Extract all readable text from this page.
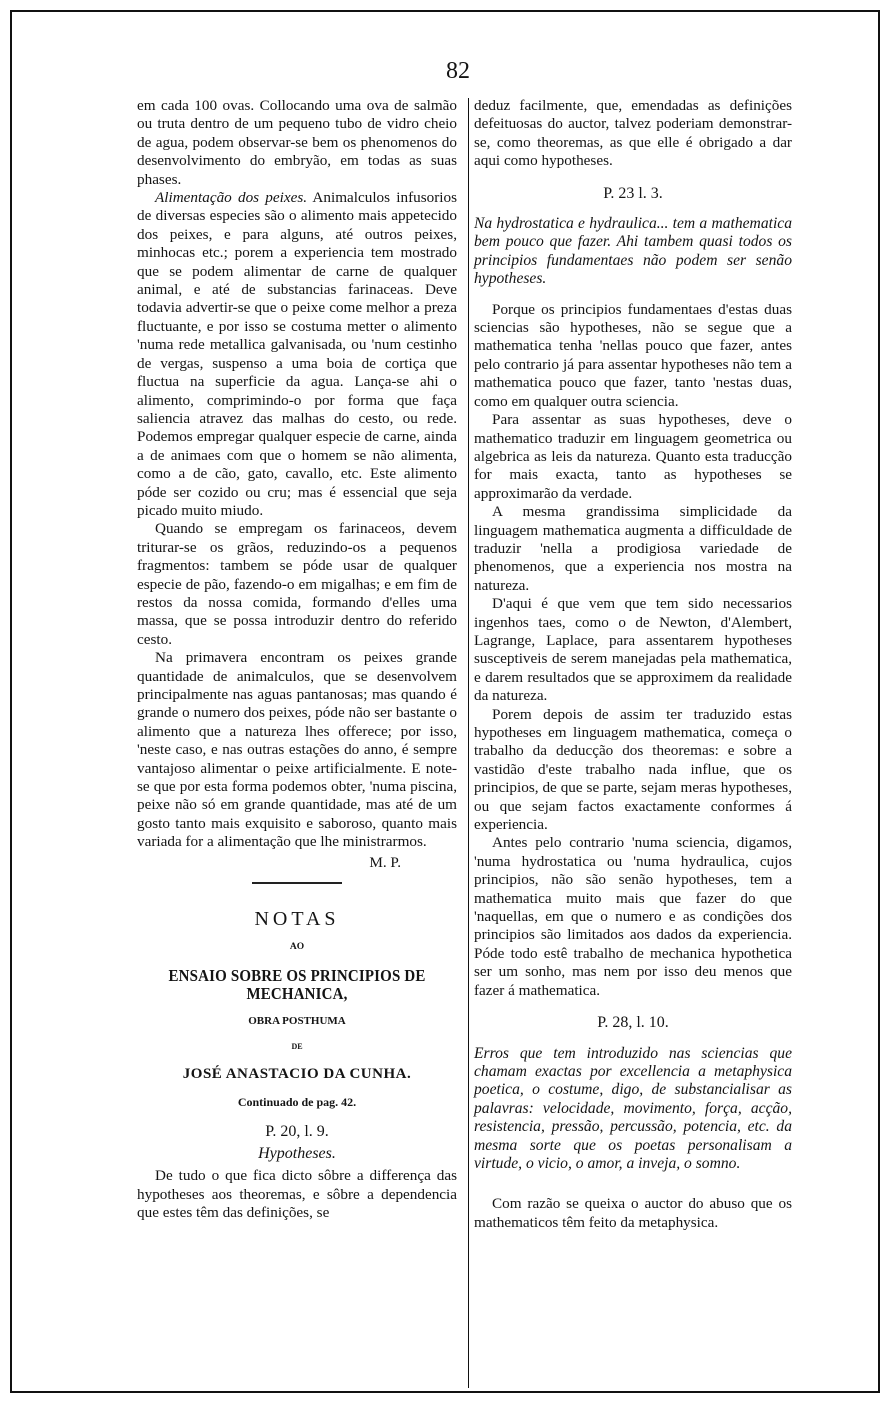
82

em cada 100 ovas. Collocando uma ova de salmão ou truta dentro de um pequeno tubo de vidro cheio de agua, podem observar-se bem os phenomenos do desenvolvimento do embryão, em todas as suas phases.

Alimentação dos peixes. Animalculos infusorios de diversas especies são o alimento mais appetecido dos peixes, e para alguns, até outros peixes, minhocas etc.; porem a experiencia tem mostrado que se podem alimentar de carne de qualquer animal, e até de substancias farinaceas. Deve todavia advertir-se que o peixe come melhor a preza fluctuante, e por isso se costuma metter o alimento 'numa rede metallica galvanisada, ou 'num cestinho de vergas, suspenso a uma boia de cortiça que fluctua na superficie da agua. Lança-se ahi o alimento, comprimindo-o por forma que faça saliencia atravez das malhas do cesto, ou rede. Podemos empregar qualquer especie de carne, ainda a de animaes com que o homem se não alimenta, como a de cão, gato, cavallo, etc. Este alimento póde ser cozido ou cru; mas é essencial que seja picado muito miudo.

Quando se empregam os farinaceos, devem triturar-se os grãos, reduzindo-os a pequenos fragmentos: tambem se póde usar de qualquer especie de pão, fazendo-o em migalhas; e em fim de restos da nossa comida, formando d'elles uma massa, que se possa introduzir dentro do referido cesto.

Na primavera encontram os peixes grande quantidade de animalculos, que se desenvolvem principalmente nas aguas pantanosas; mas quando é grande o numero dos peixes, póde não ser bastante o alimento que a natureza lhes offerece; por isso, 'neste caso, e nas outras estações do anno, é sempre vantajoso alimentar o peixe artificialmente. E note-se que por esta forma podemos obter, 'numa piscina, peixe não só em grande quantidade, mas até de um gosto tanto mais exquisito e saboroso, quanto mais variada for a alimentação que lhe ministrarmos.

M. P.

NOTAS

AO

ENSAIO SOBRE OS PRINCIPIOS DE MECHANICA,

OBRA POSTHUMA

DE

JOSÉ ANASTACIO DA CUNHA.

Continuado de pag. 42.

P. 20, l. 9.

Hypotheses.

De tudo o que fica dicto sôbre a differença das hypotheses aos theoremas, e sôbre a dependencia que estes têm das definições, se

deduz facilmente, que, emendadas as definições defeituosas do auctor, talvez poderiam demonstrar-se, como theoremas, as que elle é obrigado a dar aqui como hypotheses.

P. 23 l. 3.

Na hydrostatica e hydraulica... tem a mathematica bem pouco que fazer. Ahi tambem quasi todos os principios fundamentaes não podem ser senão hypotheses.

Porque os principios fundamentaes d'estas duas sciencias são hypotheses, não se segue que a mathematica tenha 'nellas pouco que fazer, antes pelo contrario já para assentar hypotheses não tem a mathematica pouco que fazer, tanto 'nestas duas, como em qualquer outra sciencia.

Para assentar as suas hypotheses, deve o mathematico traduzir em linguagem geometrica ou algebrica as leis da natureza. Quanto esta traducção for mais exacta, tanto as hypotheses se approximarão da verdade.

A mesma grandissima simplicidade da linguagem mathematica augmenta a difficuldade de traduzir 'nella a prodigiosa variedade de phenomenos, que a experiencia nos mostra na natureza.

D'aqui é que vem que tem sido necessarios ingenhos taes, como o de Newton, d'Alembert, Lagrange, Laplace, para assentarem hypotheses susceptiveis de serem manejadas pela mathematica, e darem resultados que se approximem da realidade da natureza.

Porem depois de assim ter traduzido estas hypotheses em linguagem mathematica, começa o trabalho da deducção dos theoremas: e sobre a vastidão d'este trabalho nada influe, que os principios, de que se parte, sejam meras hypotheses, ou que sejam factos exactamente conformes á experiencia.

Antes pelo contrario 'numa sciencia, digamos, 'numa hydrostatica ou 'numa hydraulica, cujos principios, não são senão hypotheses, tem a mathematica muito mais que fazer do que 'naquellas, em que o numero e as condições dos principios são limitados aos dados da experiencia. Póde todo estê trabalho de mechanica hypothetica ser um sonho, mas nem por isso deu menos que fazer á mathematica.

P. 28, l. 10.

Erros que tem introduzido nas sciencias que chamam exactas por excellencia a metaphysica poetica, o costume, digo, de substancialisar as palavras: velocidade, movimento, força, acção, resistencia, pressão, percussão, potencia, etc. da mesma sorte que os poetas personalisam a virtude, o vicio, o amor, a inveja, o somno.

Com razão se queixa o auctor do abuso que os mathematicos têm feito da metaphysica.
